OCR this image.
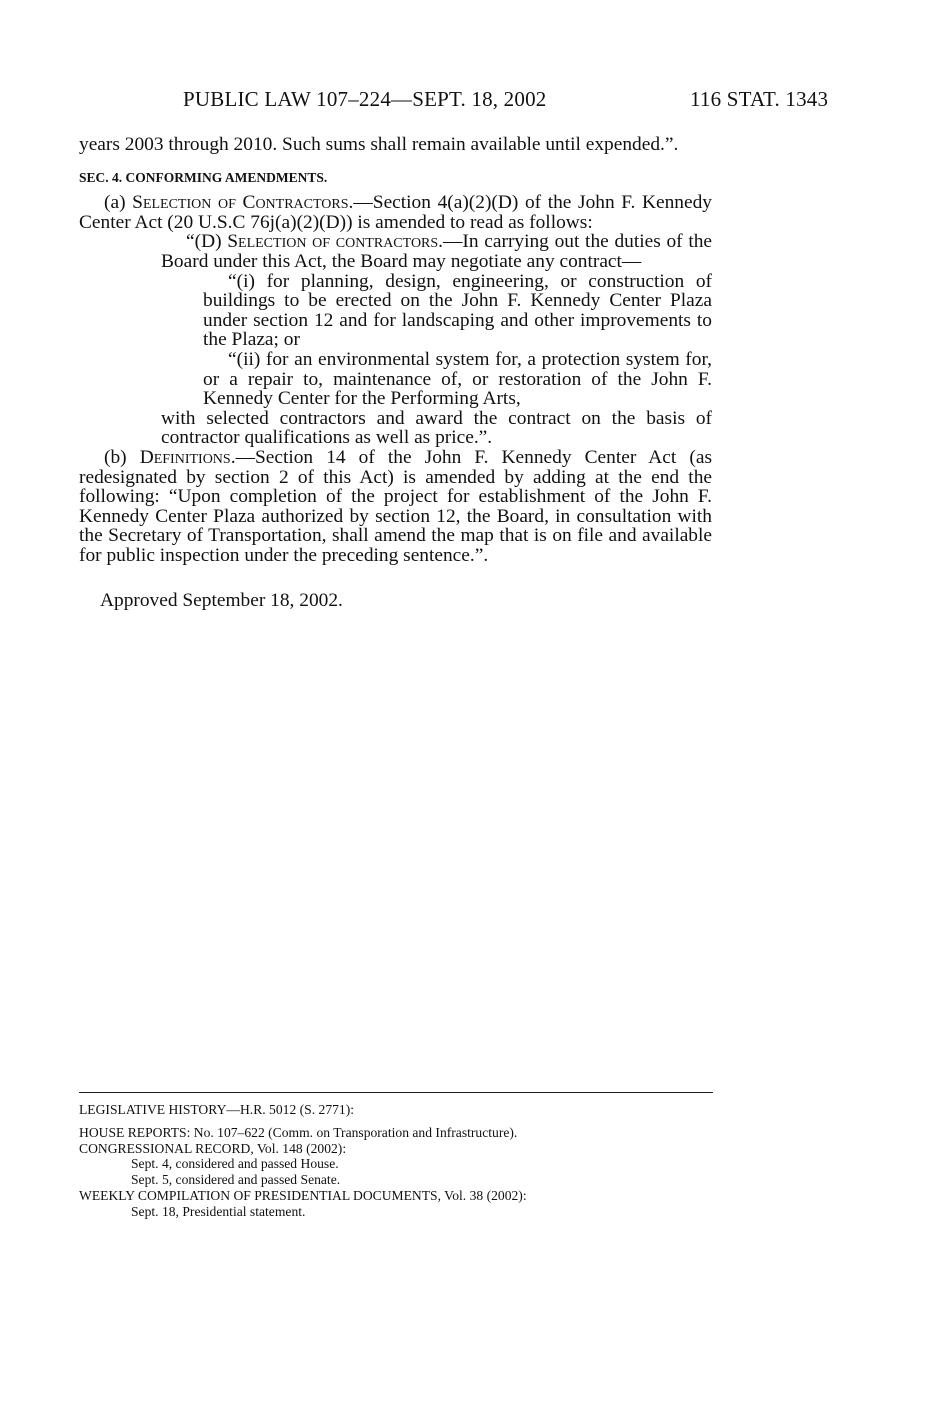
PUBLIC LAW 107–224—SEPT. 18, 2002	116 STAT. 1343

years 2003 through 2010. Such sums shall remain available until expended.”.

SEC. 4. CONFORMING AMENDMENTS.

(a) Selection of Contractors.—Section 4(a)(2)(D) of the John F. Kennedy Center Act (20 U.S.C 76j(a)(2)(D)) is amended to read as follows:

“(D) Selection of contractors.—In carrying out the duties of the Board under this Act, the Board may negotiate any contract—

“(i) for planning, design, engineering, or construction of buildings to be erected on the John F. Kennedy Center Plaza under section 12 and for landscaping and other improvements to the Plaza; or

“(ii) for an environmental system for, a protection system for, or a repair to, maintenance of, or restoration of the John F. Kennedy Center for the Performing Arts,

with selected contractors and award the contract on the basis of contractor qualifications as well as price.”.

(b) Definitions.—Section 14 of the John F. Kennedy Center Act (as redesignated by section 2 of this Act) is amended by adding at the end the following: “Upon completion of the project for establishment of the John F. Kennedy Center Plaza authorized by section 12, the Board, in consultation with the Secretary of Transportation, shall amend the map that is on file and available for public inspection under the preceding sentence.”.

Approved September 18, 2002.

LEGISLATIVE HISTORY—H.R. 5012 (S. 2771):
HOUSE REPORTS: No. 107–622 (Comm. on Transporation and Infrastructure).
CONGRESSIONAL RECORD, Vol. 148 (2002):
Sept. 4, considered and passed House.
Sept. 5, considered and passed Senate.
WEEKLY COMPILATION OF PRESIDENTIAL DOCUMENTS, Vol. 38 (2002):
Sept. 18, Presidential statement.
